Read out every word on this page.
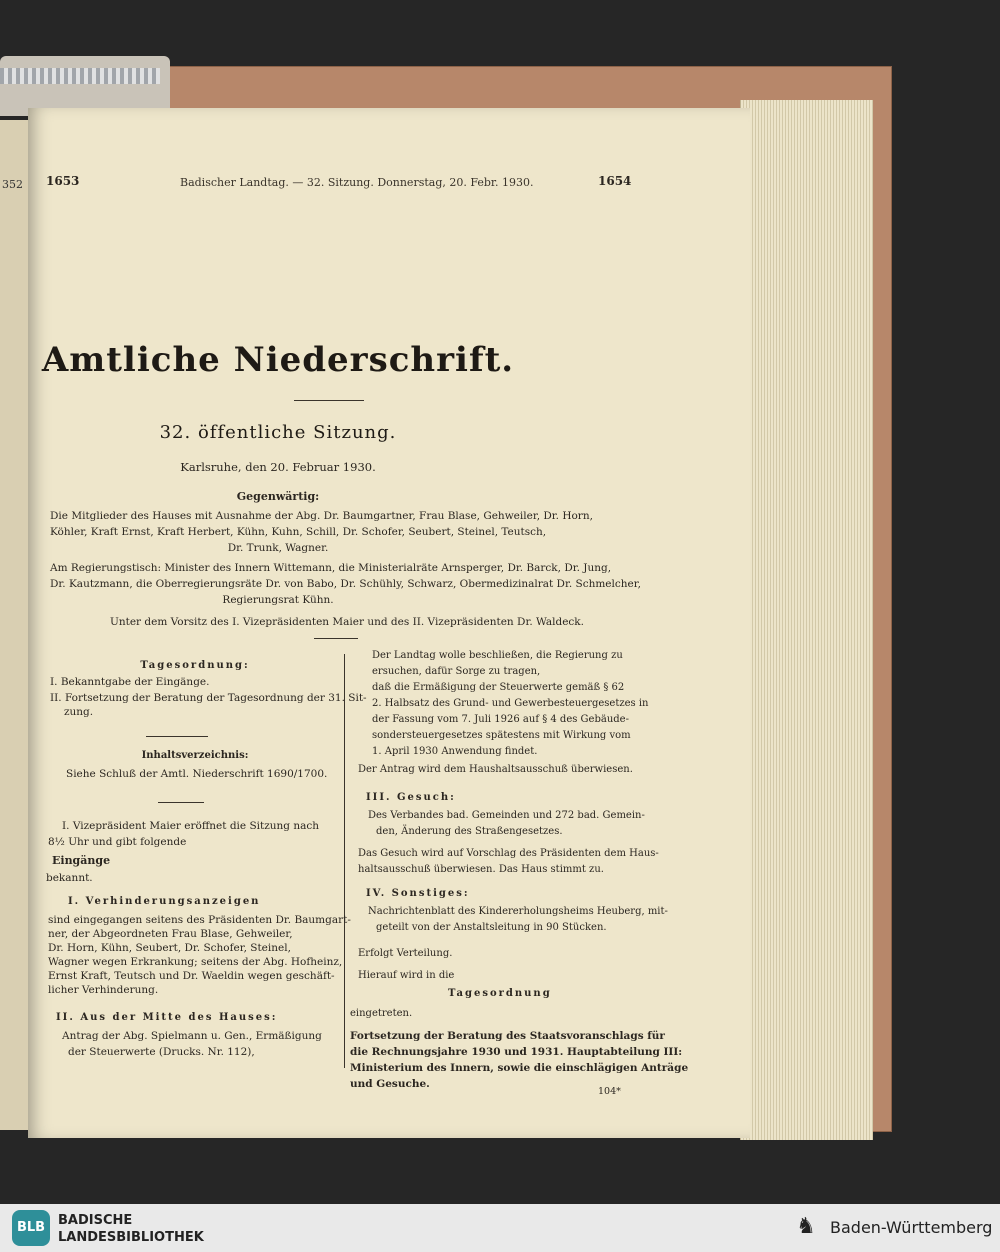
352 1653	Badischer Landtag. — 32. Sitzung. Donnerstag, 20. Febr. 1930.	1654
Amtliche Niederschrift.
32. öffentliche Sitzung.
Karlsruhe, den 20. Februar 1930.
Gegenwärtig:
Die Mitglieder des Hauses mit Ausnahme der Abg. Dr. Baumgartner, Frau Blase, Gehweiler, Dr. Horn,
Köhler, Kraft Ernst, Kraft Herbert, Kühn, Kuhn, Schill, Dr. Schofer, Seubert, Steinel, Teutsch,
Dr. Trunk, Wagner.
Am Regierungstisch: Minister des Innern Wittemann, die Ministerialräte Arnsperger, Dr. Barck, Dr. Jung,
Dr. Kautzmann, die Oberregierungsräte Dr. von Babo, Dr. Schühly, Schwarz, Obermedizinalrat Dr. Schmelcher,
Regierungsrat Kühn.
Unter dem Vorsitz des I. Vizepräsidenten Maier und des II. Vizepräsidenten Dr. Waldeck.
Tagesordnung:
I. Bekanntgabe der Eingänge.
II. Fortsetzung der Beratung der Tagesordnung der 31. Sit-
zung.
Inhaltsverzeichnis:
Siehe Schluß der Amtl. Niederschrift 1690/1700.
I. Vizepräsident Maier eröffnet die Sitzung nach
8½ Uhr und gibt folgende
Eingänge
bekannt.
I. Verhinderungsanzeigen
sind eingegangen seitens des Präsidenten Dr. Baumgart-
ner, der Abgeordneten Frau Blase, Gehweiler,
Dr. Horn, Kühn, Seubert, Dr. Schofer, Steinel,
Wagner wegen Erkrankung; seitens der Abg. Hofheinz,
Ernst Kraft, Teutsch und Dr. Waeldin wegen geschäft-
licher Verhinderung.
II. Aus der Mitte des Hauses:
Antrag der Abg. Spielmann u. Gen., Ermäßigung
der Steuerwerte (Drucks. Nr. 112),
Der Landtag wolle beschließen, die Regierung zu
ersuchen, dafür Sorge zu tragen,
daß die Ermäßigung der Steuerwerte gemäß § 62
2. Halbsatz des Grund- und Gewerbesteuergesetzes in
der Fassung vom 7. Juli 1926 auf § 4 des Gebäude-
sondersteuergesetzes spätestens mit Wirkung vom
1. April 1930 Anwendung findet.
Der Antrag wird dem Haushaltsausschuß überwiesen.
III. Gesuch:
Des Verbandes bad. Gemeinden und 272 bad. Gemein-
den, Änderung des Straßengesetzes.
Das Gesuch wird auf Vorschlag des Präsidenten dem Haus-
haltsausschuß überwiesen. Das Haus stimmt zu.
IV. Sonstiges:
Nachrichtenblatt des Kindererholungsheims Heuberg, mit-
geteilt von der Anstaltsleitung in 90 Stücken.
Erfolgt Verteilung.
Hierauf wird in die
Tagesordnung
eingetreten.
Fortsetzung der Beratung des Staatsvoranschlags für
die Rechnungsjahre 1930 und 1931. Hauptabteilung III:
Ministerium des Innern, sowie die einschlägigen Anträge
und Gesuche.
104*
BLB BADISCHE
LANDESBIBLIOTHEK	♞ Baden-Württemberg
